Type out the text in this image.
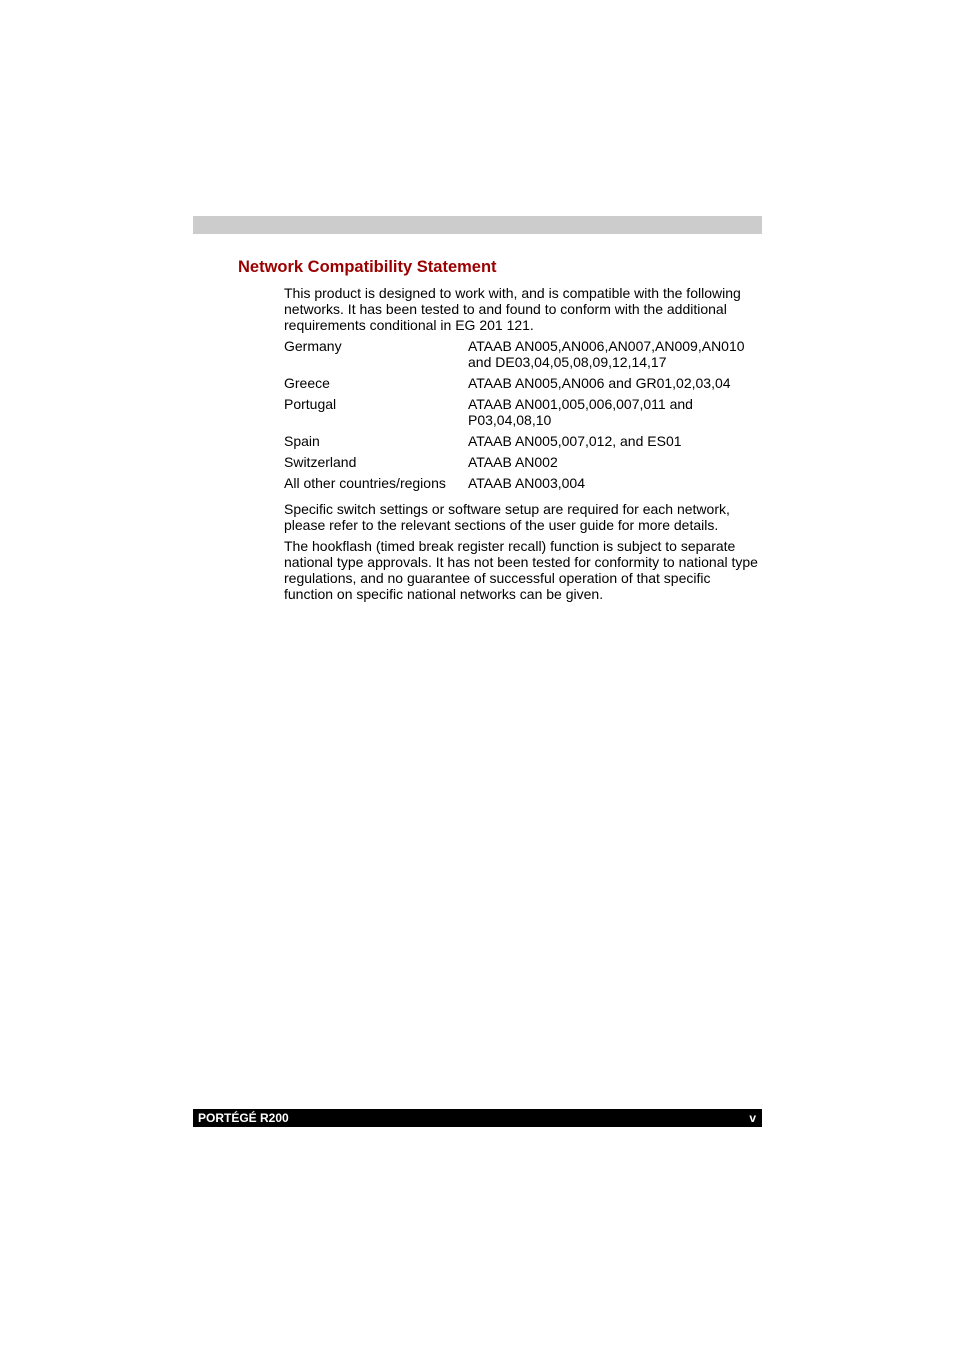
Network Compatibility Statement

This product is designed to work with, and is compatible with the following networks. It has been tested to and found to conform with the additional requirements conditional in EG 201 121.

Germany	ATAAB AN005,AN006,AN007,AN009,AN010 and DE03,04,05,08,09,12,14,17
Greece	ATAAB AN005,AN006 and GR01,02,03,04
Portugal	ATAAB AN001,005,006,007,011 and P03,04,08,10
Spain	ATAAB AN005,007,012, and ES01
Switzerland	ATAAB AN002
All other countries/regions	ATAAB AN003,004

Specific switch settings or software setup are required for each network, please refer to the relevant sections of the user guide for more details.

The hookflash (timed break register recall) function is subject to separate national type approvals. It has not been tested for conformity to national type regulations, and no guarantee of successful operation of that specific function on specific national networks can be given.

PORTÉGÉ R200	v
